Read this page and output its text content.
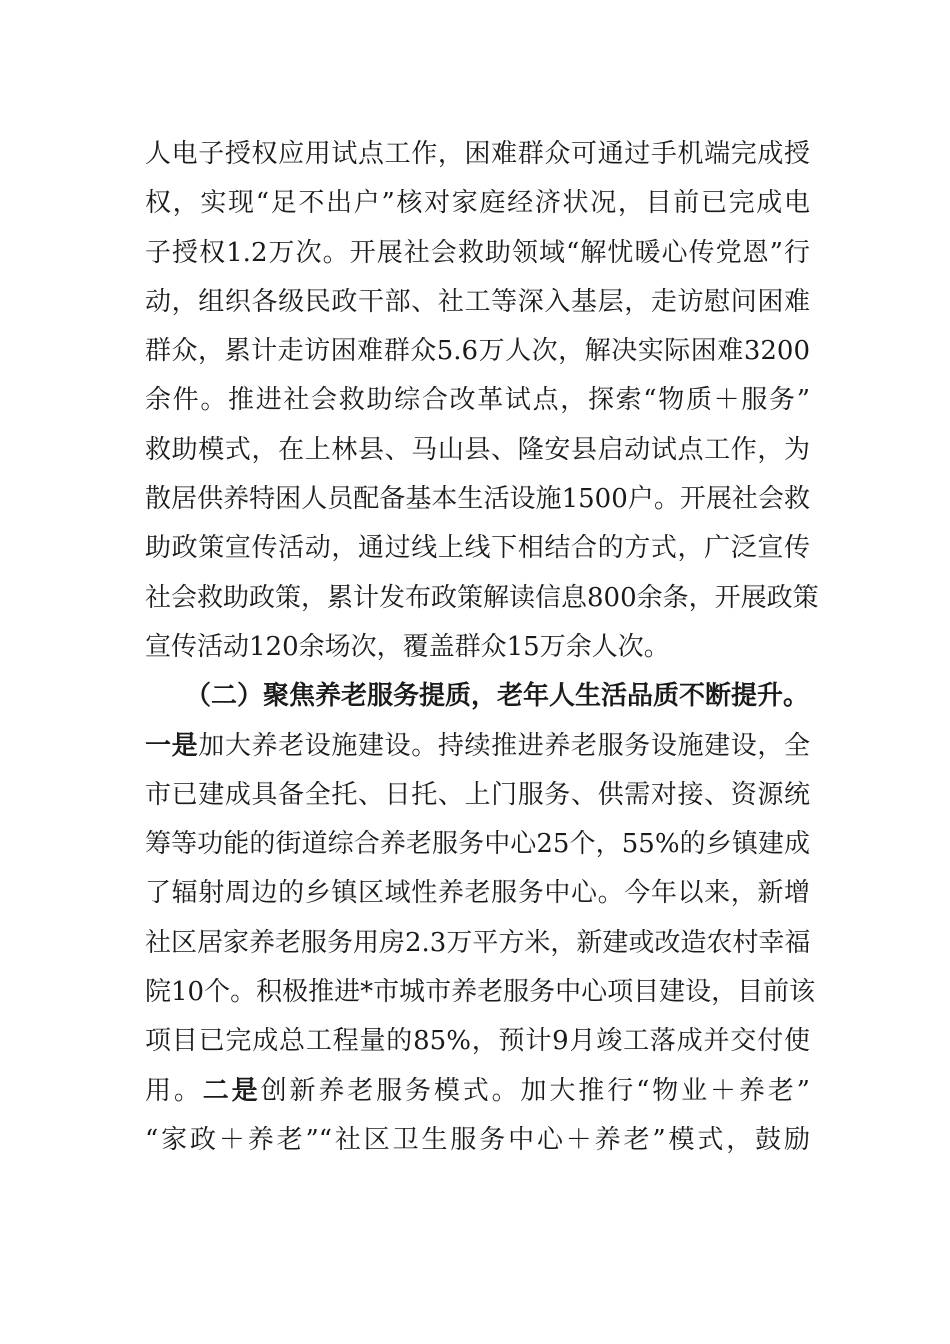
人电子授权应用试点工作，困难群众可通过手机端完成授
权，实现“足不出户”核对家庭经济状况，目前已完成电
子授权1.2万次。开展社会救助领域“解忧暖心传党恩”行
动，组织各级民政干部、社工等深入基层，走访慰问困难
群众，累计走访困难群众5.6万人次，解决实际困难3200
余件。推进社会救助综合改革试点，探索“物质＋服务”
救助模式，在上林县、马山县、隆安县启动试点工作，为
散居供养特困人员配备基本生活设施1500户。开展社会救
助政策宣传活动，通过线上线下相结合的方式，广泛宣传
社会救助政策，累计发布政策解读信息800余条，开展政策
宣传活动120余场次，覆盖群众15万余人次。
（二）聚焦养老服务提质，老年人生活品质不断提升。
一是加大养老设施建设。持续推进养老服务设施建设，全
市已建成具备全托、日托、上门服务、供需对接、资源统
筹等功能的街道综合养老服务中心25个，55%的乡镇建成
了辐射周边的乡镇区域性养老服务中心。今年以来，新增
社区居家养老服务用房2.3万平方米，新建或改造农村幸福
院10个。积极推进*市城市养老服务中心项目建设，目前该
项目已完成总工程量的85%，预计9月竣工落成并交付使
用。二是创新养老服务模式。加大推行“物业＋养老”
“家政＋养老”“社区卫生服务中心＋养老”模式，鼓励
